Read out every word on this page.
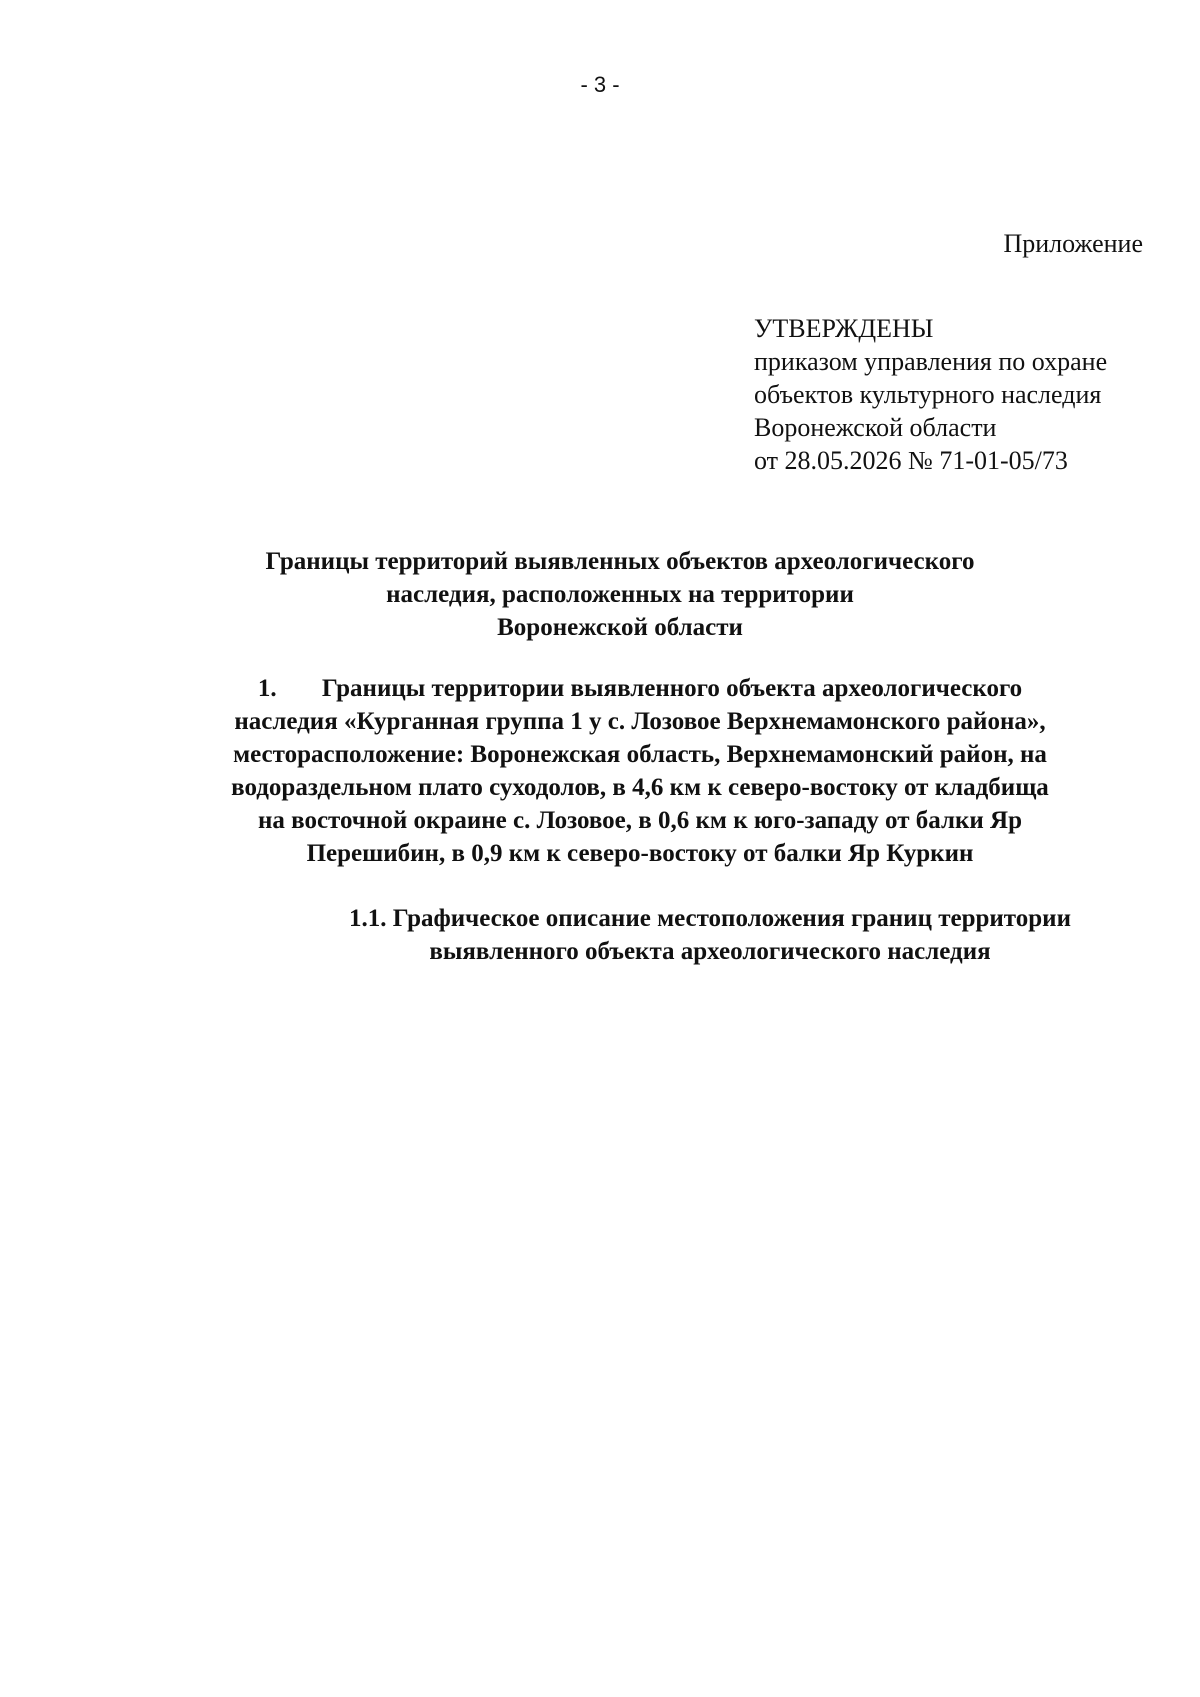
- 3 -
Приложение
УТВЕРЖДЕНЫ
приказом управления по охране
объектов культурного наследия
Воронежской области
от 28.05.2026 № 71-01-05/73
Границы территорий выявленных объектов археологического
наследия, расположенных на территории
Воронежской области
1. Границы территории выявленного объекта археологического
наследия «Курганная группа 1 у с. Лозовое Верхнемамонского района»,
месторасположение: Воронежская область, Верхнемамонский район, на
водораздельном плато суходолов, в 4,6 км к северо-востоку от кладбища
на восточной окраине с. Лозовое, в 0,6 км к юго-западу от балки Яр
Перешибин, в 0,9 км к северо-востоку от балки Яр Куркин
1.1. Графическое описание местоположения границ территории
выявленного объекта археологического наследия
